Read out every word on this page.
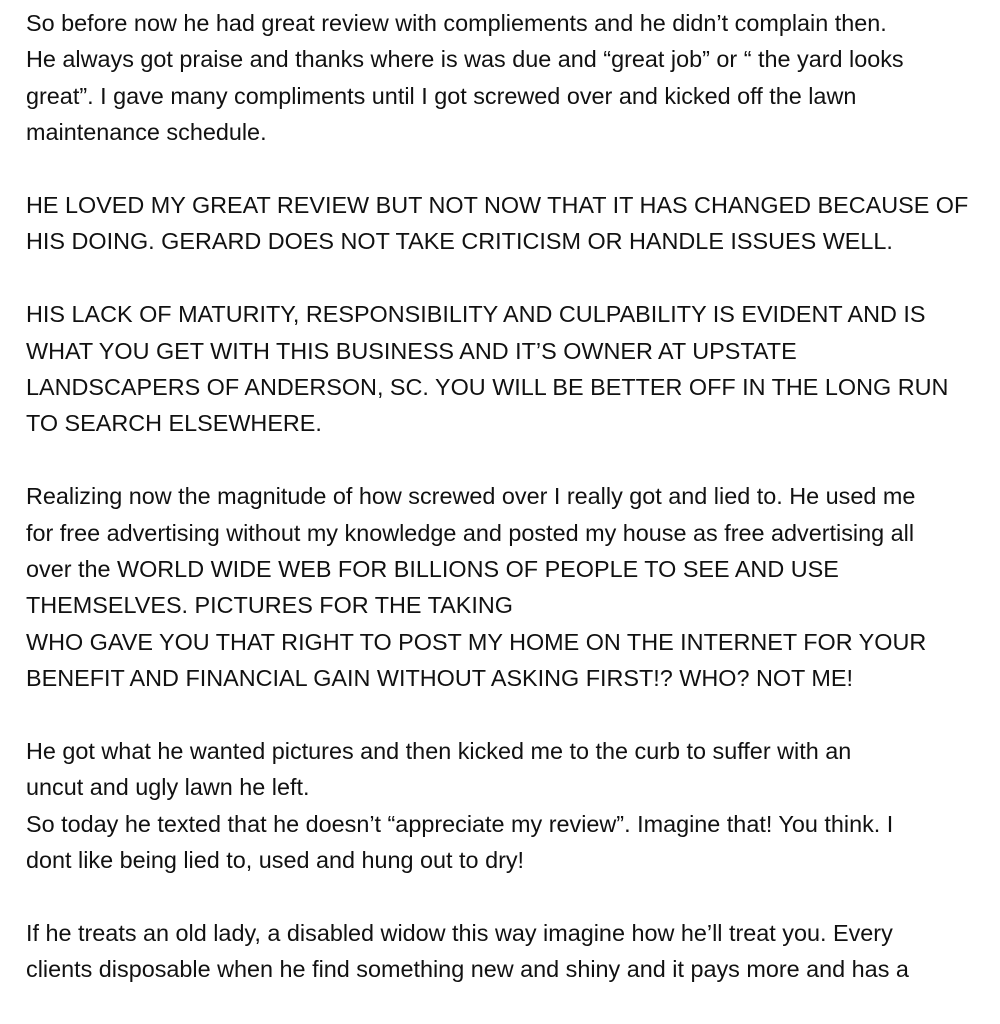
So before now he had great review with complieme​nts and he didn’t complain then.
He always got praise and thanks where is was due and “great job” or “ the yard looks
great”. I gave many compliments until I got screwed over and kicked off the lawn
maintenance schedule.
HE LOVED MY GREAT REVIEW BUT NOT NOW THAT IT HAS CHANGED BECAUSE OF
HIS DOING. GERARD DOES NOT TAKE CRITICISM OR HANDLE ISSUES WELL.
HIS LACK OF MATURITY, RESPONSIBILITY AND CULPABILITY IS EVIDENT AND IS
WHAT YOU GET WITH THIS BUSINESS AND IT’S OWNER AT UPSTATE
LANDSCAPERS OF ANDERSON, SC. YOU WILL BE BETTER OFF IN THE LONG RUN
TO SEARCH ELSEWHERE.
Realizing now the magnitude of how screwed over I really got and lied to. He used me
for free advertising without my knowledge and posted my house as free advertising all
over the WORLD WIDE WEB FOR BILLIONS OF PEOPLE TO SEE AND USE
THEMSELVES. PICTURES FOR THE TAKING
WHO GAVE YOU THAT RIGHT TO POST MY HOME ON THE INTERNET FOR YOUR
BENEFIT AND FINANCIAL GAIN WITHOUT ASKING FIRST!? WHO? NOT ME!
He got what he wanted pictures and then kicked me to the curb to suffer with an
uncut and ugly lawn he left.
So today he texted that he doesn’t “appreciate my review”. Imagine that! You think. I
dont like being lied to, used and hung out to dry!
If he treats an old lady, a disabled widow this way imagine how he’ll treat you. Every
clients disposable when he find something new and shiny and it pays more and has a
